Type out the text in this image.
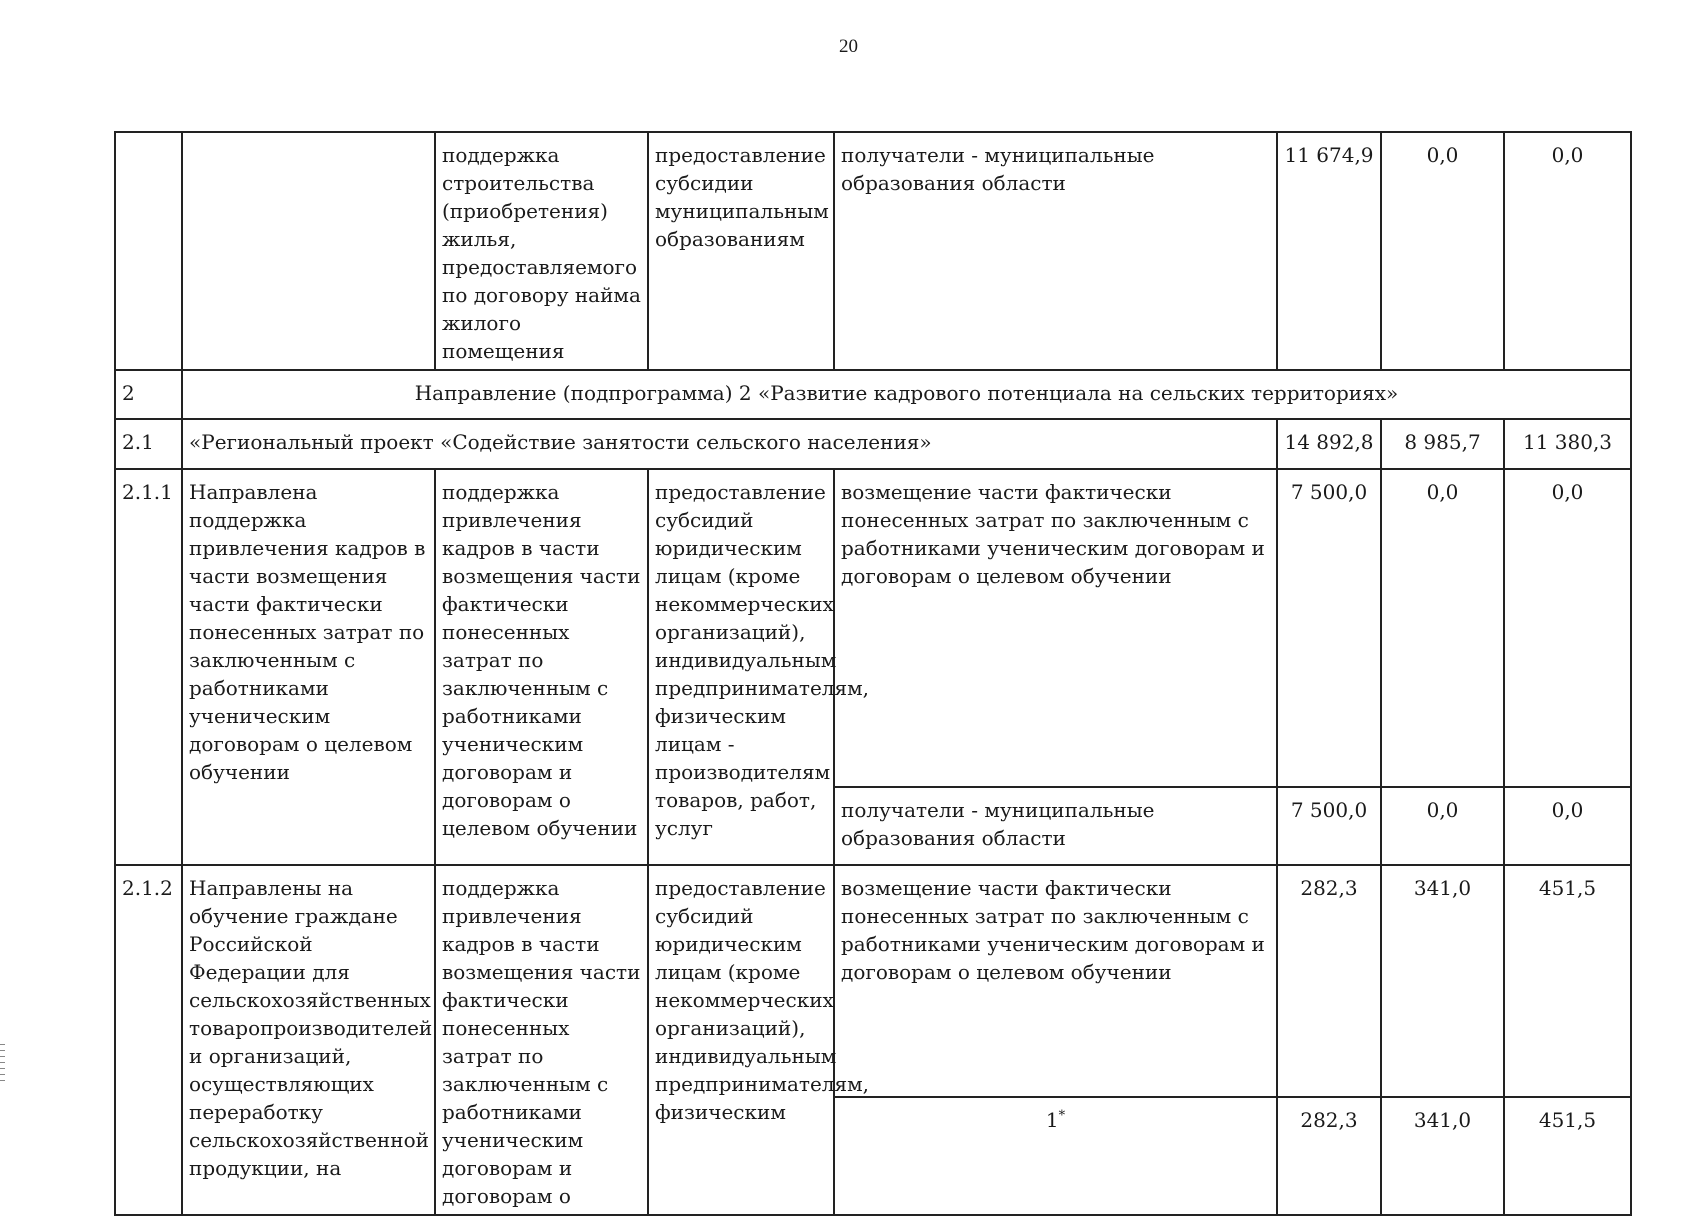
20
		поддержка строительства (приобретения) жилья, предоставляемого по договору найма жилого помещения	предоставление субсидии муниципальным образованиям	получатели - муниципальные образования области	11 674,9	0,0	0,0
2	Направление (подпрограмма) 2 «Развитие кадрового потенциала на сельских территориях»						
2.1	«Региональный проект «Содействие занятости сельского населения»				14 892,8	8 985,7	11 380,3
2.1.1	Направлена поддержка привлечения кадров в части возмещения части фактически понесенных затрат по заключенным с работниками ученическим договорам о целевом обучении	поддержка привлечения кадров в части возмещения части фактически понесенных затрат по заключенным с работниками ученическим договорам и договорам о целевом обучении	предоставление субсидий юридическим лицам (кроме некоммерческих организаций), индивидуальным предпринимателям, физическим лицам - производителям товаров, работ, услуг	возмещение части фактически понесенных затрат по заключенным с работниками ученическим договорам и договорам о целевом обучении	7 500,0	0,0	0,0
				получатели - муниципальные образования области	7 500,0	0,0	0,0
2.1.2	Направлены на обучение граждане Российской Федерации для сельскохозяйственных товаропроизводителей и организаций, осуществляющих переработку сельскохозяйственной продукции, на	поддержка привлечения кадров в части возмещения части фактически понесенных затрат по заключенным с работниками ученическим договорам и договорам о	предоставление субсидий юридическим лицам (кроме некоммерческих организаций), индивидуальным предпринимателям, физическим	возмещение части фактически понесенных затрат по заключенным с работниками ученическим договорам и договорам о целевом обучении	282,3	341,0	451,5
				1*	282,3	341,0	451,5
